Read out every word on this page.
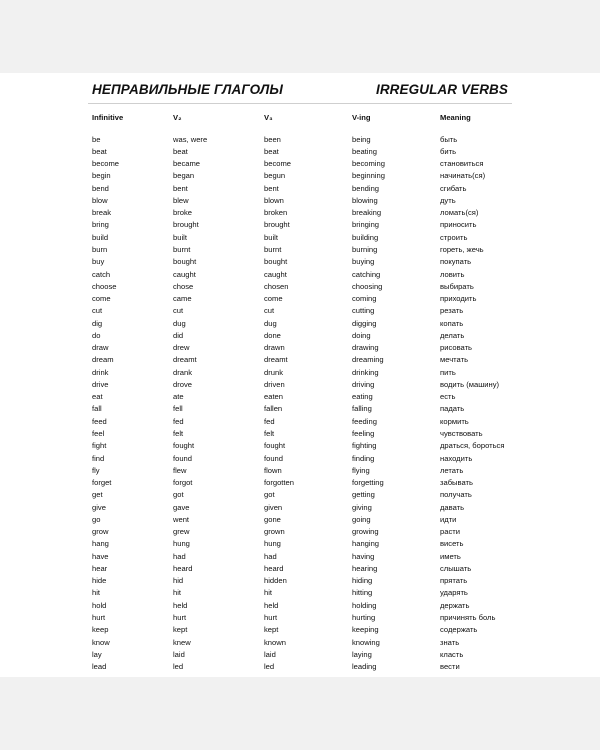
НЕПРАВИЛЬНЫЕ ГЛАГОЛЫ	IRREGULAR VERBS
Infinitive	V₂	V₃	V-ing	Meaning

be	was, were	been	being	быть
beat	beat	beat	beating	бить
become	became	become	becoming	становиться
begin	began	begun	beginning	начинать(ся)
bend	bent	bent	bending	сгибать
blow	blew	blown	blowing	дуть
break	broke	broken	breaking	ломать(ся)
bring	brought	brought	bringing	приносить
build	built	built	building	строить
burn	burnt	burnt	burning	гореть, жечь
buy	bought	bought	buying	покупать
catch	caught	caught	catching	ловить
choose	chose	chosen	choosing	выбирать
come	came	come	coming	приходить
cut	cut	cut	cutting	резать
dig	dug	dug	digging	копать
do	did	done	doing	делать
draw	drew	drawn	drawing	рисовать
dream	dreamt	dreamt	dreaming	мечтать
drink	drank	drunk	drinking	пить
drive	drove	driven	driving	водить (машину)
eat	ate	eaten	eating	есть
fall	fell	fallen	falling	падать
feed	fed	fed	feeding	кормить
feel	felt	felt	feeling	чувствовать
fight	fought	fought	fighting	драться, бороться
find	found	found	finding	находить
fly	flew	flown	flying	летать
forget	forgot	forgotten	forgetting	забывать
get	got	got	getting	получать
give	gave	given	giving	давать
go	went	gone	going	идти
grow	grew	grown	growing	расти
hang	hung	hung	hanging	висеть
have	had	had	having	иметь
hear	heard	heard	hearing	слышать
hide	hid	hidden	hiding	прятать
hit	hit	hit	hitting	ударять
hold	held	held	holding	держать
hurt	hurt	hurt	hurting	причинять боль
keep	kept	kept	keeping	содержать
know	knew	known	knowing	знать
lay	laid	laid	laying	класть
lead	led	led	leading	вести
